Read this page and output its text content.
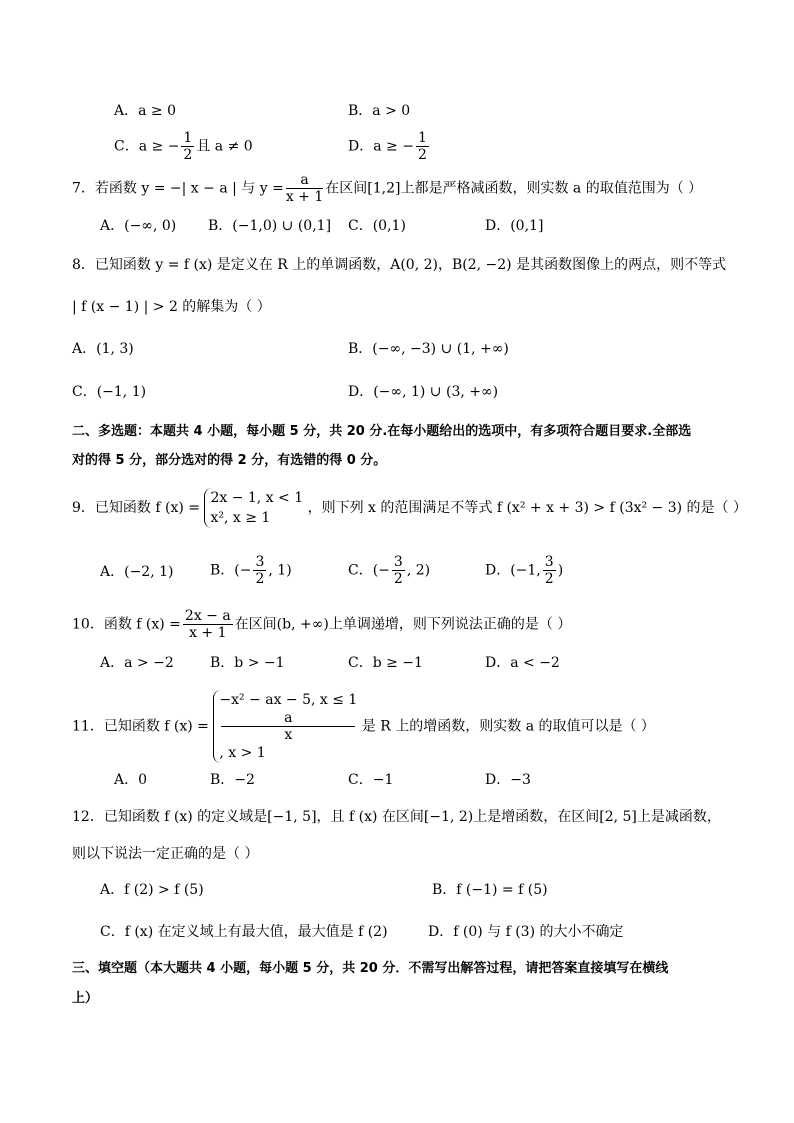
A．a ≥ 0	B．a > 0
C．a ≥ − $\frac{1}{2}$ 且 a ≠ 0	D．a ≥ − $\frac{1}{2}$
7．若函数 y = −| x − a | 与 $y = \frac{a}{x + 1}$ 在区间[1,2]上都是严格减函数，则实数 a 的取值范围为（ ）
A．(−∞, 0) B．(−1,0) ∪ (0,1] C．(0,1)	D．(0,1]
8．已知函数 y = f (x) 是定义在 R 上的单调函数，A(0, 2)，B(2, −2) 是其函数图像上的两点，则不等式
| f (x − 1) | > 2 的解集为（ ）
A．(1, 3)	B．(−∞, −3) ∪ (1, +∞)
C．(−1, 1)	D．(−∞, 1) ∪ (3, +∞)
二、多选题：本题共 4 小题，每小题 5 分，共 20 分.在每小题给出的选项中，有多项符合题目要求.全部选
对的得 5 分，部分选对的得 2 分，有选错的得 0 分。
9．已知函数 f (x) =
2x − 1, x < 1
x², x ≥ 1
，则下列 x 的范围满足不等式 f (x² + x + 3) > f (3x² − 3) 的是（ ）
A．(−2, 1)	B．(− $\frac{3}{2}$ , 1)	C．(− $\frac{3}{2}$ , 2)	D．(−1, $\frac{3}{2}$ )
10．函数 f $(x) = \frac{2x - a}{x + 1}$ 在区间(b, +∞)上单调递增，则下列说法正确的是（ ）
A．a > −2	B．b > −1	C．b ≥ −1	D．a < −2
11．已知函数 f (x) =
−x² − ax − 5, x ≤ 1
a
x
, x > 1
是 R 上的增函数，则实数 a 的取值可以是（ ）
A．0	B．−2	C．−1	D．−3
12．已知函数 f (x) 的定义域是[−1, 5]，且 f (x) 在区间[−1, 2)上是增函数，在区间[2, 5]上是减函数，
则以下说法一定正确的是（ ）
A．f (2) > f (5)	B．f (−1) = f (5)
C．f (x) 在定义域上有最大值，最大值是 f (2)	D．f (0) 与 f (3) 的大小不确定
三、填空题（本大题共 4 小题，每小题 5 分，共 20 分．不需写出解答过程，请把答案直接填写在横线
上）
